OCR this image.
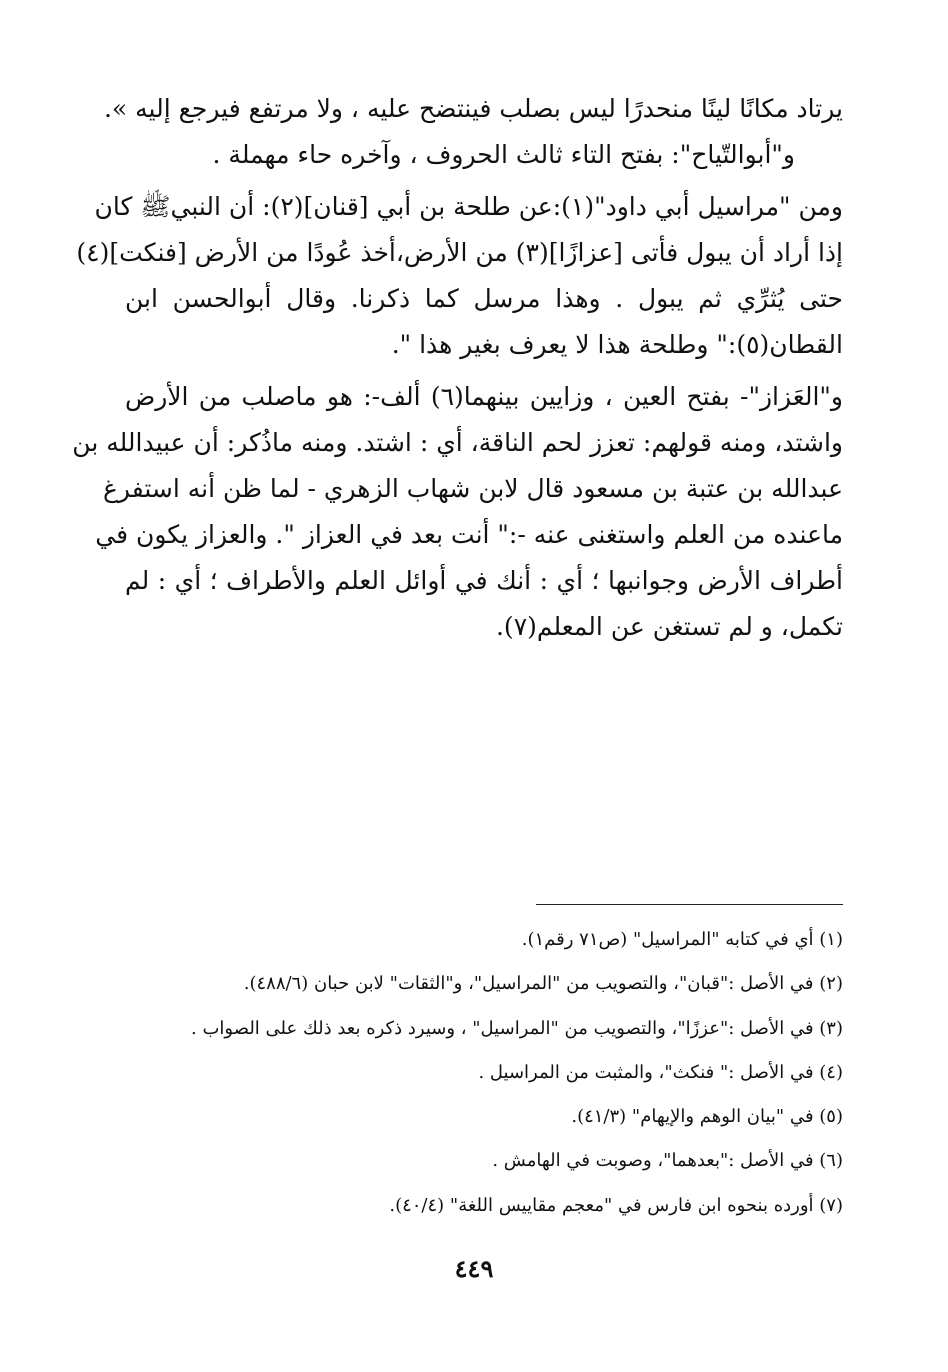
يرتاد مكانًا لينًا منحدرًا ليس بصلب فينتضح عليه ، ولا مرتفع فيرجع إليه ».
و"أبوالتّياح": بفتح التاء ثالث الحروف ، وآخره حاء مهملة .
ومن "مراسيل أبي داود"(١):عن طلحة بن أبي [قنان](٢): أن النبيﷺ كان
إذا أراد أن يبول فأتى [عزازًا](٣) من الأرض،أخذ عُودًا من الأرض [فنكت](٤)
حتى يُثرِّي ثم يبول . وهذا مرسل كما ذكرنا. وقال أبوالحسن ابن
القطان(٥):" وطلحة هذا لا يعرف بغير هذا ".
و"العَزاز"- بفتح العين ، وزايين بينهما(٦) ألف-: هو ماصلب من الأرض
واشتد، ومنه قولهم: تعزز لحم الناقة، أي : اشتد. ومنه ماذُكر: أن عبيدالله بن
عبدالله بن عتبة بن مسعود قال لابن شهاب الزهري - لما ظن أنه استفرغ
ماعنده من العلم واستغنى عنه -:" أنت بعد في العزاز ". والعزاز يكون في
أطراف الأرض وجوانبها ؛ أي : أنك في أوائل العلم والأطراف ؛ أي : لم
تكمل، و لم تستغن عن المعلم(٧).
(١) أي في كتابه "المراسيل" (ص٧١ رقم١).
(٢) في الأصل :"قبان"، والتصويب من "المراسيل"، و"الثقات" لابن حبان (٤٨٨/٦).
(٣) في الأصل :"عززًا"، والتصويب من "المراسيل" ، وسيرد ذكره بعد ذلك على الصواب .
(٤) في الأصل :" فنكث"، والمثبت من المراسيل .
(٥) في "بيان الوهم والإيهام" (٤١/٣).
(٦) في الأصل :"بعدهما"، وصوبت في الهامش .
(٧) أورده بنحوه ابن فارس في "معجم مقاييس اللغة" (٤٠/٤).
٤٤٩
